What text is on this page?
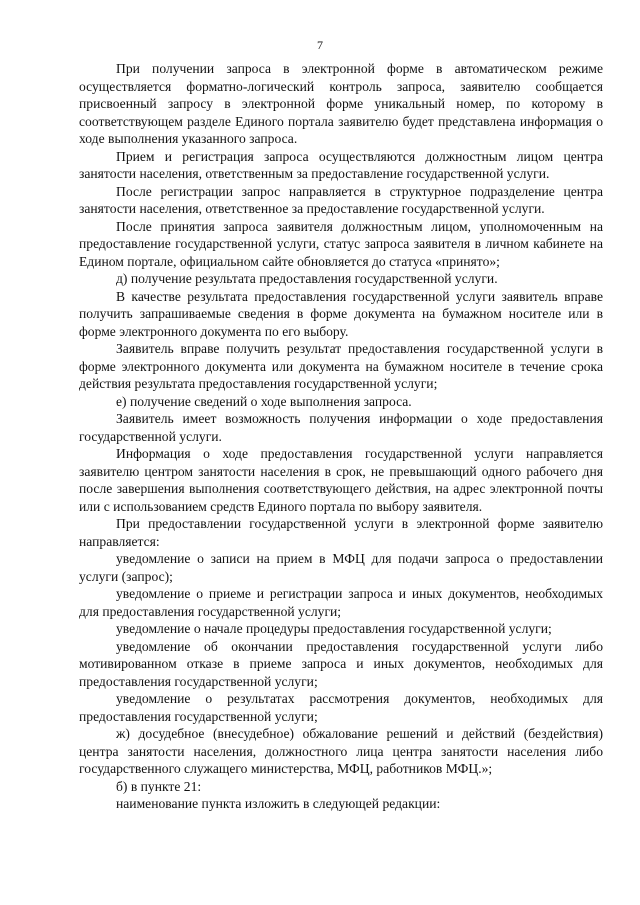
7

При получении запроса в электронной форме в автоматическом режиме осуществляется форматно-логический контроль запроса, заявителю сообщается присвоенный запросу в электронной форме уникальный номер, по которому в соответствующем разделе Единого портала заявителю будет представлена информация о ходе выполнения указанного запроса.

Прием и регистрация запроса осуществляются должностным лицом центра занятости населения, ответственным за предоставление государственной услуги.

После регистрации запрос направляется в структурное подразделение центра занятости населения, ответственное за предоставление государственной услуги.

После принятия запроса заявителя должностным лицом, уполномоченным на предоставление государственной услуги, статус запроса заявителя в личном кабинете на Едином портале, официальном сайте обновляется до статуса «принято»;

д) получение результата предоставления государственной услуги.

В качестве результата предоставления государственной услуги заявитель вправе получить запрашиваемые сведения в форме документа на бумажном носителе или в форме электронного документа по его выбору.

Заявитель вправе получить результат предоставления государственной услуги в форме электронного документа или документа на бумажном носителе в течение срока действия результата предоставления государственной услуги;

е) получение сведений о ходе выполнения запроса.

Заявитель имеет возможность получения информации о ходе предоставления государственной услуги.

Информация о ходе предоставления государственной услуги направляется заявителю центром занятости населения в срок, не превышающий одного рабочего дня после завершения выполнения соответствующего действия, на адрес электронной почты или с использованием средств Единого портала по выбору заявителя.

При предоставлении государственной услуги в электронной форме заявителю направляется:

уведомление о записи на прием в МФЦ для подачи запроса о предоставлении услуги (запрос);

уведомление о приеме и регистрации запроса и иных документов, необходимых для предоставления государственной услуги;

уведомление о начале процедуры предоставления государственной услуги;

уведомление об окончании предоставления государственной услуги либо мотивированном отказе в приеме запроса и иных документов, необходимых для предоставления государственной услуги;

уведомление о результатах рассмотрения документов, необходимых для предоставления государственной услуги;

ж) досудебное (внесудебное) обжалование решений и действий (бездействия) центра занятости населения, должностного лица центра занятости населения либо государственного служащего министерства, МФЦ, работников МФЦ.»;

б) в пункте 21:

наименование пункта изложить в следующей редакции:
